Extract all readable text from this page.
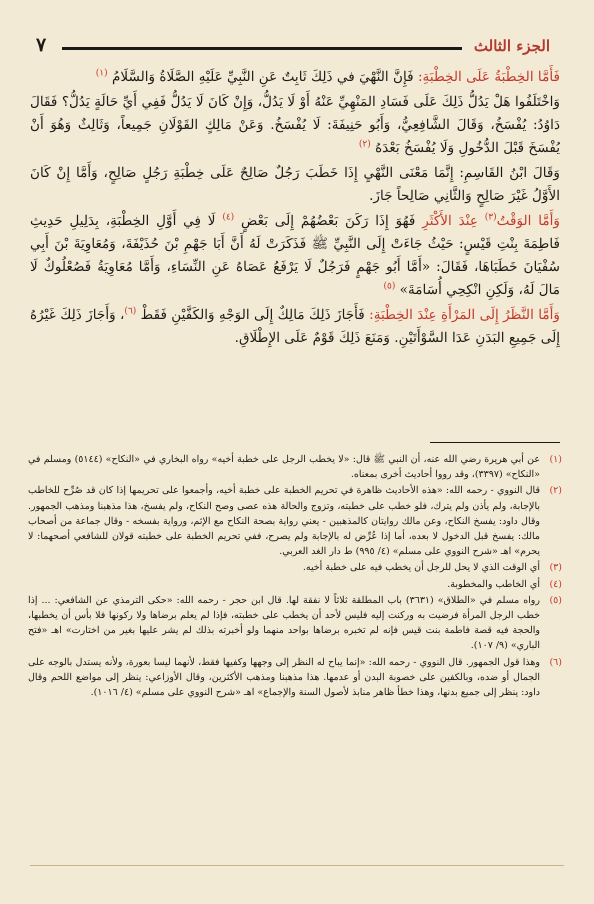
الجزء الثالث
٧

فَأَمَّا الخِطْبَةُ عَلَى الخِطْبَةِ: فَإِنَّ النَّهْيَ في ذَلِكَ ثَابِتٌ عَنِ النَّبِيِّ عَلَيْهِ الصَّلَاةُ وَالسَّلَامُ $^{(١)}$

وَاخْتَلَفُوا هَلْ يَدُلُّ ذَلِكَ عَلَى فَسَادِ المَنْهِيِّ عَنْهُ أَوْ لَا يَدُلُّ، وَإِنْ كَانَ لَا يَدُلُّ فَفِي أَيِّ حَالَةٍ يَدُلُّ؟ فَقَالَ دَاوُدُ: يُفْسَخُ، وَقَالَ الشَّافِعِيُّ، وَأَبُو حَنِيفَةَ: لَا يُفْسَخُ. وَعَنْ مَالِكٍ القَوْلَانِ جَمِيعاً، وَثَالِثٌ وَهُوَ أَنْ يُفْسَخَ قَبْلَ الدُّخُولِ وَلَا يُفْسَخُ بَعْدَهُ $^{(٢)}$

وَقَالَ ابْنُ القَاسِمِ: إِنَّمَا مَعْنَى النَّهْيِ إِذَا خَطَبَ رَجُلٌ صَالِحٌ عَلَى خِطْبَةِ رَجُلٍ صَالِحٍ، وَأَمَّا إِنْ كَانَ الأَوَّلُ غَيْرَ صَالِحٍ وَالثَّانِي صَالِحاً جَازَ.

وَأَمَّا الوَقْتُ$^{(٣)}$ عِنْدَ الأَكْثَرِ فَهُوَ إِذَا رَكَنَ بَعْضُهُمْ إِلَى بَعْضٍ $^{(٤)}$ لَا فِي أَوَّلِ الخِطْبَةِ، بِدَلِيلِ حَدِيثِ فَاطِمَةَ بِنْتِ قَيْسٍ: حَيْثُ جَاءَتْ إِلَى النَّبِيِّ ﷺ فَذَكَرَتْ لَهُ أَنَّ أَبَا جَهْمِ بْنَ حُذَيْفَةَ، وَمُعَاوِيَةَ بْنَ أَبِي سُفْيَانَ خَطَبَاهَا، فَقَالَ: «أَمَّا أَبُو جَهْمٍ فَرَجُلٌ لَا يَرْفَعُ عَصَاهُ عَنِ النِّسَاءِ، وَأَمَّا مُعَاوِيَةُ فَصُعْلُوكٌ لَا مَالَ لَهُ، وَلَكِنِ انْكِحِي أُسَامَةَ» $^{(٥)}$

وَأَمَّا النَّظَرُ إِلَى المَرْأَةِ عِنْدَ الخِطْبَةِ: فَأَجَازَ ذَلِكَ مَالِكٌ إِلَى الوَجْهِ وَالكَفَّيْنِ فَقَطْ $^{(٦)}$، وَأَجَازَ ذَلِكَ غَيْرُهُ إِلَى جَمِيعِ البَدَنِ عَدَا السَّوْأَتَيْنِ. وَمَنَعَ ذَلِكَ قَوْمٌ عَلَى الإِطْلَاقِ.

(١)

عن أبي هريرة رضي الله عنه، أن النبي ﷺ قال: «لا يخطب الرجل على خطبة أخيه» رواه البخاري في «النكاح» (٥١٤٤) ومسلم في «النكاح» (٣٣٩٧)، وقد رووا أحاديث أخرى بمعناه.

(٢)

قال النووي - رحمه الله: «هذه الأحاديث ظاهرة في تحريم الخطبة على خطبة أخيه، وأجمعوا على تحريمها إذا كان قد صُرِّح للخاطب بالإجابة، ولم يأذن ولم يترك، فلو خطب على خطبته، وتزوج والحالة هذه عصى وصح النكاح، ولم يفسخ، هذا مذهبنا ومذهب الجمهور. وقال داود: يفسخ النكاح، وعن مالك روايتان كالمذهبين - يعني رواية بصحة النكاح مع الإثم، ورواية بفسخه - وقال جماعة من أصحاب مالك: يفسخ قبل الدخول لا بعده، أما إذا عُرِّض له بالإجابة ولم يصرح، ففي تحريم الخطبة على خطبته قولان للشافعي أصحهما: لا يحرم» اهـ «شرح النووي على مسلم» (٤/ ٩٩٥) ط دار الغد العربي.

(٣)

أي الوقت الذي لا يحل للرجل أن يخطب فيه على خطبة أخيه.

(٤)

أي الخاطب والمخطوبة.

(٥)

رواه مسلم في «الطلاق» (٣٦٣١) باب المطلقة ثلاثاً لا نفقة لها. قال ابن حجر - رحمه الله: «حكى الترمذي عن الشافعي: ... إذا خطب الرجل المرأة فرضيت به وركنت إليه فليس لأحد أن يخطب على خطبته، فإذا لم يعلم برضاها ولا ركونها فلا بأس أن يخطبها، والحجة فيه قصة فاطمة بنت قيس فإنه لم تخبره برضاها بواحد منهما ولو أخبرته بذلك لم يشر عليها بغير من اختارت» اهـ «فتح الباري» (٩/ ١٠٧).

(٦)

وهذا قول الجمهور. قال النووي - رحمه الله: «إنما يباح له النظر إلى وجهها وكفيها فقط، لأنهما ليسا بعورة، ولأنه يستدل بالوجه على الجمال أو ضده، وبالكفين على خصوبة البدن أو عدمها. هذا مذهبنا ومذهب الأكثرين، وقال الأوزاعي: ينظر إلى مواضع اللحم وقال داود: ينظر إلى جميع بدنها، وهذا خطأ ظاهر منابذ لأصول السنة والإجماع» اهـ «شرح النووي على مسلم» (٤/ ١٠١٦).
